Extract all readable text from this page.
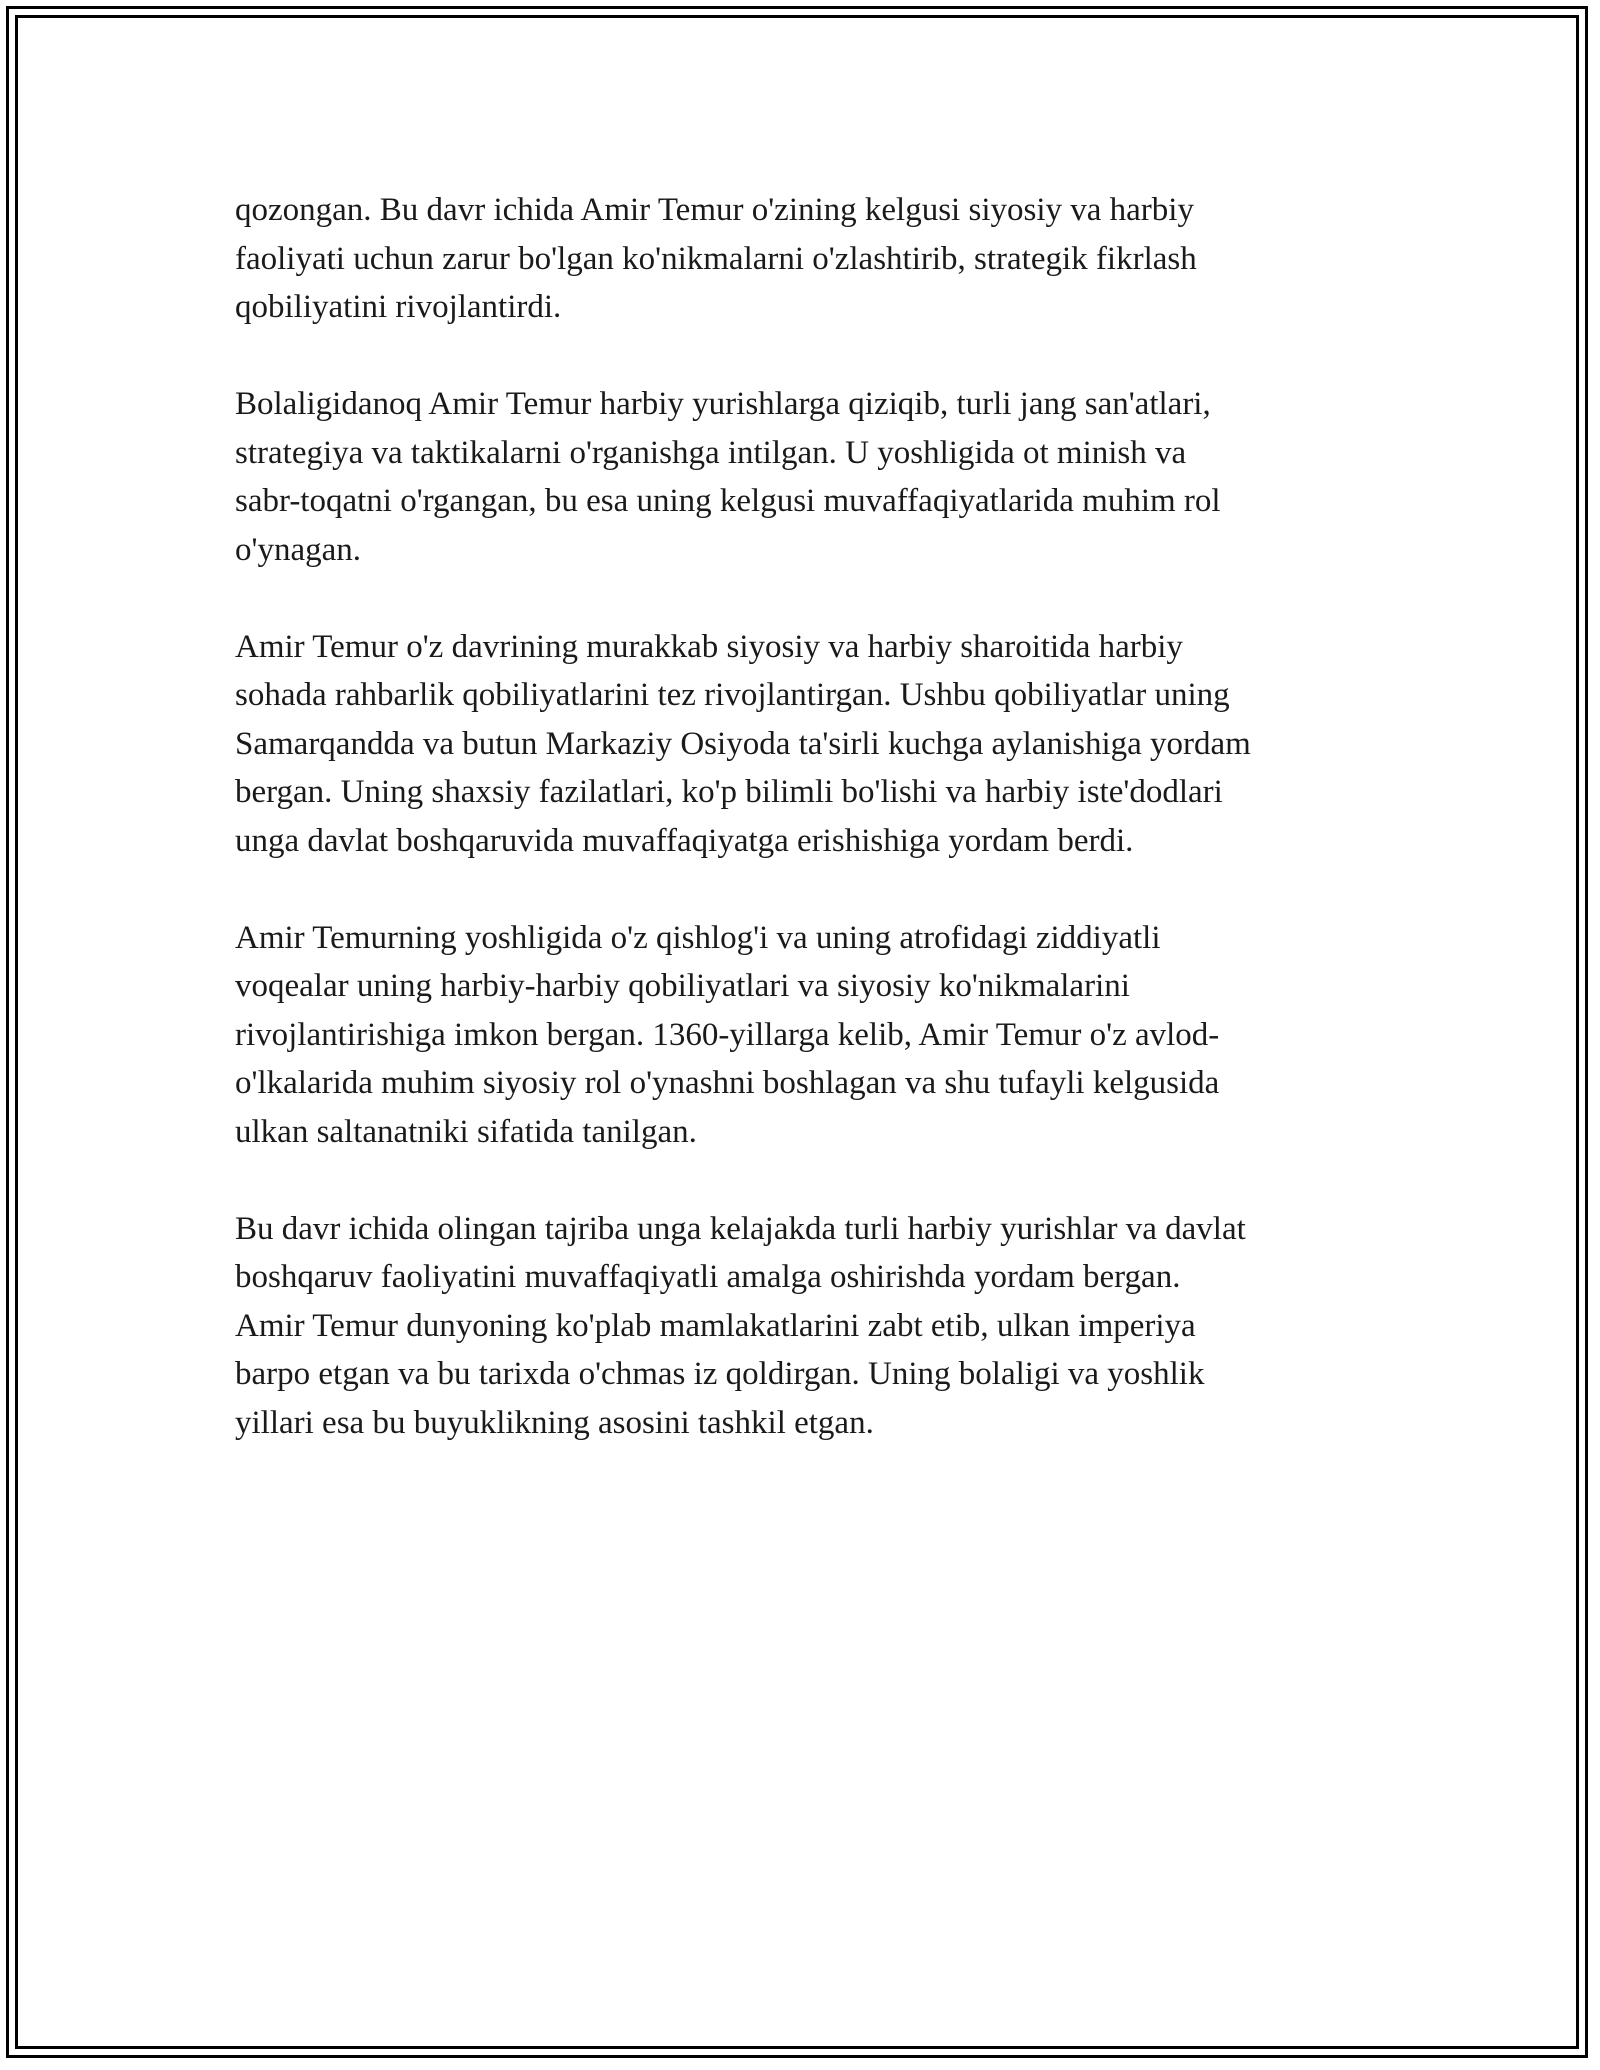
qozongan. Bu davr ichida Amir Temur o'zining kelgusi siyosiy va harbiy
faoliyati uchun zarur bo'lgan ko'nikmalarni o'zlashtirib, strategik fikrlash
qobiliyatini rivojlantirdi.

Bolaligidanoq Amir Temur harbiy yurishlarga qiziqib, turli jang san'atlari,
strategiya va taktikalarni o'rganishga intilgan. U yoshligida ot minish va
sabr-toqatni o'rgangan, bu esa uning kelgusi muvaffaqiyatlarida muhim rol
o'ynagan.

Amir Temur o'z davrining murakkab siyosiy va harbiy sharoitida harbiy
sohada rahbarlik qobiliyatlarini tez rivojlantirgan. Ushbu qobiliyatlar uning
Samarqandda va butun Markaziy Osiyoda ta'sirli kuchga aylanishiga yordam
bergan. Uning shaxsiy fazilatlari, ko'p bilimli bo'lishi va harbiy iste'dodlari
unga davlat boshqaruvida muvaffaqiyatga erishishiga yordam berdi.

Amir Temurning yoshligida o'z qishlog'i va uning atrofidagi ziddiyatli
voqealar uning harbiy-harbiy qobiliyatlari va siyosiy ko'nikmalarini
rivojlantirishiga imkon bergan. 1360-yillarga kelib, Amir Temur o'z avlod-
o'lkalarida muhim siyosiy rol o'ynashni boshlagan va shu tufayli kelgusida
ulkan saltanatniki sifatida tanilgan.

Bu davr ichida olingan tajriba unga kelajakda turli harbiy yurishlar va davlat
boshqaruv faoliyatini muvaffaqiyatli amalga oshirishda yordam bergan.
Amir Temur dunyoning ko'plab mamlakatlarini zabt etib, ulkan imperiya
barpo etgan va bu tarixda o'chmas iz qoldirgan. Uning bolaligi va yoshlik
yillari esa bu buyuklikning asosini tashkil etgan.
